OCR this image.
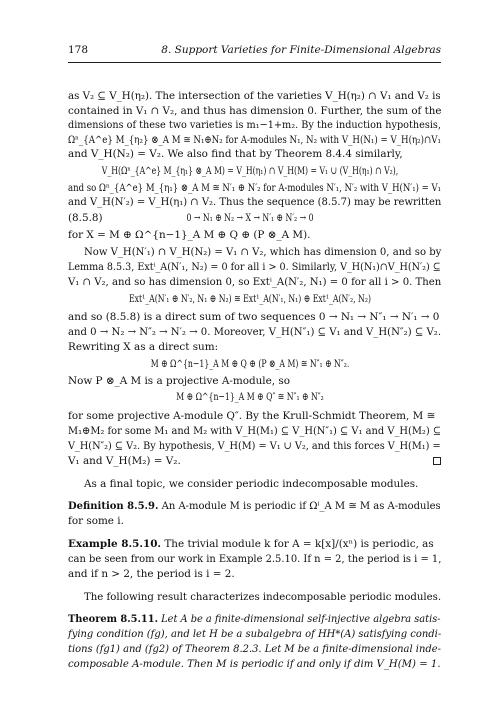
178	8. Support Varieties for Finite-Dimensional Algebras
as V₂ ⊆ V_H(η₂). The intersection of the varieties V_H(η₂) ∩ V₁ and V₂ is
contained in V₁ ∩ V₂, and thus has dimension 0. Further, the sum of the
dimensions of these two varieties is m₁−1+m₂. By the induction hypothesis,
Ωⁿ_{A^e} M_{η₂} ⊗_A M ≅ N₁⊕N₂ for A-modules N₁, N₂ with V_H(N₁) = V_H(η₂)∩V₁
and V_H(N₂) = V₂. We also find that by Theorem 8.4.4 similarly,
V_H(Ωⁿ_{A^e} M_{η₁} ⊗_A M) = V_H(η₁) ∩ V_H(M) = V₁ ∪ (V_H(η₁) ∩ V₂),
and so Ωⁿ_{A^e} M_{η₁} ⊗_A M ≅ N′₁ ⊕ N′₂ for A-modules N′₁, N′₂ with V_H(N′₁) = V₁
and V_H(N′₂) = V_H(η₁) ∩ V₂. Thus the sequence (8.5.7) may be rewritten
(8.5.8)	0 → N₁ ⊕ N₂ → X → N′₁ ⊕ N′₂ → 0
for X = M ⊕ Ω^{n−1}_A M ⊕ Q ⊕ (P ⊗_A M).
Now V_H(N′₁) ∩ V_H(N₂) = V₁ ∩ V₂, which has dimension 0, and so by
Lemma 8.5.3, Extⁱ_A(N′₁, N₂) = 0 for all i > 0. Similarly, V_H(N₁)∩V_H(N′₂) ⊆
V₁ ∩ V₂, and so has dimension 0, so Extⁱ_A(N′₂, N₁) = 0 for all i > 0. Then
Ext¹_A(N′₁ ⊕ N′₂, N₁ ⊕ N₂) ≅ Ext¹_A(N′₁, N₁) ⊕ Ext¹_A(N′₂, N₂)
and so (8.5.8) is a direct sum of two sequences 0 → N₁ → N″₁ → N′₁ → 0
and 0 → N₂ → N″₂ → N′₂ → 0. Moreover, V_H(N″₁) ⊆ V₁ and V_H(N″₂) ⊆ V₂.
Rewriting X as a direct sum:
M ⊕ Ω^{n−1}_A M ⊕ Q ⊕ (P ⊗_A M) ≅ N″₁ ⊕ N″₂.
Now P ⊗_A M is a projective A-module, so
M ⊕ Ω^{n−1}_A M ⊕ Q″ ≅ N″₁ ⊕ N″₂
for some projective A-module Q″. By the Krull-Schmidt Theorem, M ≅
M₁⊕M₂ for some M₁ and M₂ with V_H(M₁) ⊆ V_H(N″₁) ⊆ V₁ and V_H(M₂) ⊆
V_H(N″₂) ⊆ V₂. By hypothesis, V_H(M) = V₁ ∪ V₂, and this forces V_H(M₁) =
V₁ and V_H(M₂) = V₂.
As a final topic, we consider periodic indecomposable modules.
Definition 8.5.9. An A-module M is periodic if Ωⁱ_A M ≅ M as A-modules
for some i.
Example 8.5.10. The trivial module k for A = k[x]/(xⁿ) is periodic, as
can be seen from our work in Example 2.5.10. If n = 2, the period is i = 1,
and if n > 2, the period is i = 2.
The following result characterizes indecomposable periodic modules.
Theorem 8.5.11. Let A be a finite-dimensional self-injective algebra satis-
fying condition (fg), and let H be a subalgebra of HH*(A) satisfying condi-
tions (fg1) and (fg2) of Theorem 8.2.3. Let M be a finite-dimensional inde-
composable A-module. Then M is periodic if and only if dim V_H(M) = 1.
